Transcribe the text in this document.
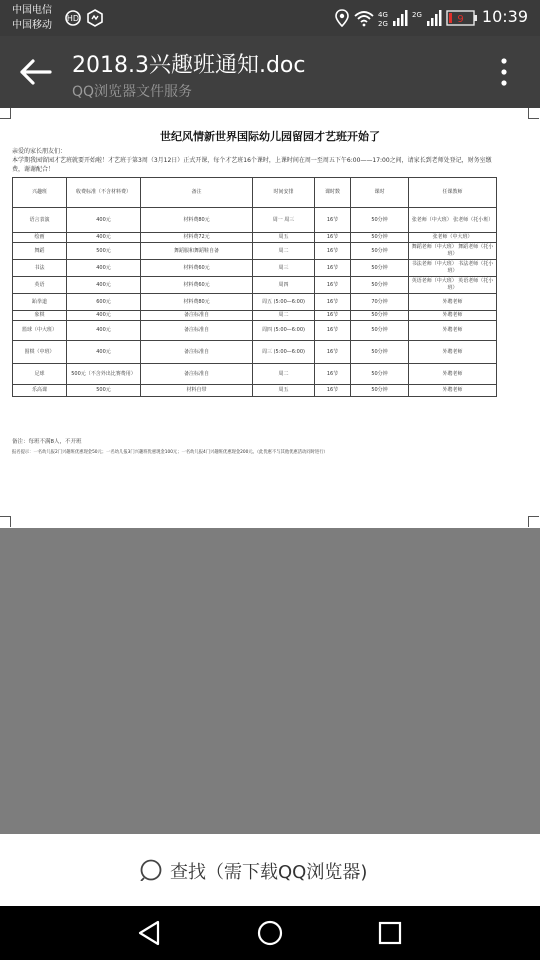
中国电信
中国移动
HD	4G
2G
2G	9 10:39
2018.3兴趣班通知.doc
QQ浏览器文件服务
世纪风情新世界国际幼儿园留园才艺班开始了
亲爱的家长朋友们：
本学期我园留园才艺班就要开始啦！才艺班于第3周（3月12日）正式开课，每个才艺班16个课时，上课时间在周一至周五下午6:00——17:00之间，请家长到老师处登记，财务室缴费，谢谢配合！
兴趣班	收费标准（不含材料费）	备注	时间安排	课时数	课时	任课教师
语言表演	400元	材料费80元	周一 周三	16节	50分钟	张老师（中大班） 张老师（托小班）
绘画	400元	材料费72元	周五	16节	50分钟	张老师（中大班）
舞蹈	500元	舞蹈服和舞蹈鞋自备	周二	16节	50分钟	舞蹈老师（中大班） 舞蹈老师（托小班）
书法	400元	材料费60元	周三	16节	50分钟	书法老师（中大班） 书法老师（托小班）
英语	400元	材料费60元	周四	16节	50分钟	英语老师（中大班） 英语老师（托小班）
跆拳道	600元	材料费80元	周五 (5:00—6:00)	16节	70分钟	外聘老师
象棋	400元	备注标准自	周二	16节	50分钟	外聘老师
篮球（中大班）	400元	备注标准自	周四 (5:00—6:00)	16节	50分钟	外聘老师
围棋（中班）	400元	备注标准自	周三 (5:00—6:00)	16节	50分钟	外聘老师
足球	500元（不含外出比赛费用）	备注标准自	周二	16节	50分钟	外聘老师
乐高课	500元	材料自带	周五	16节	50分钟	外聘老师
备注：每班不满8人，不开班
报名提示：一名幼儿报2门兴趣班优惠现金50元；一名幼儿报3门兴趣班优惠现金100元；一名幼儿报4门兴趣班优惠现金200元。（此优惠不与其他优惠活动同时进行）
查找（需下载QQ浏览器)
